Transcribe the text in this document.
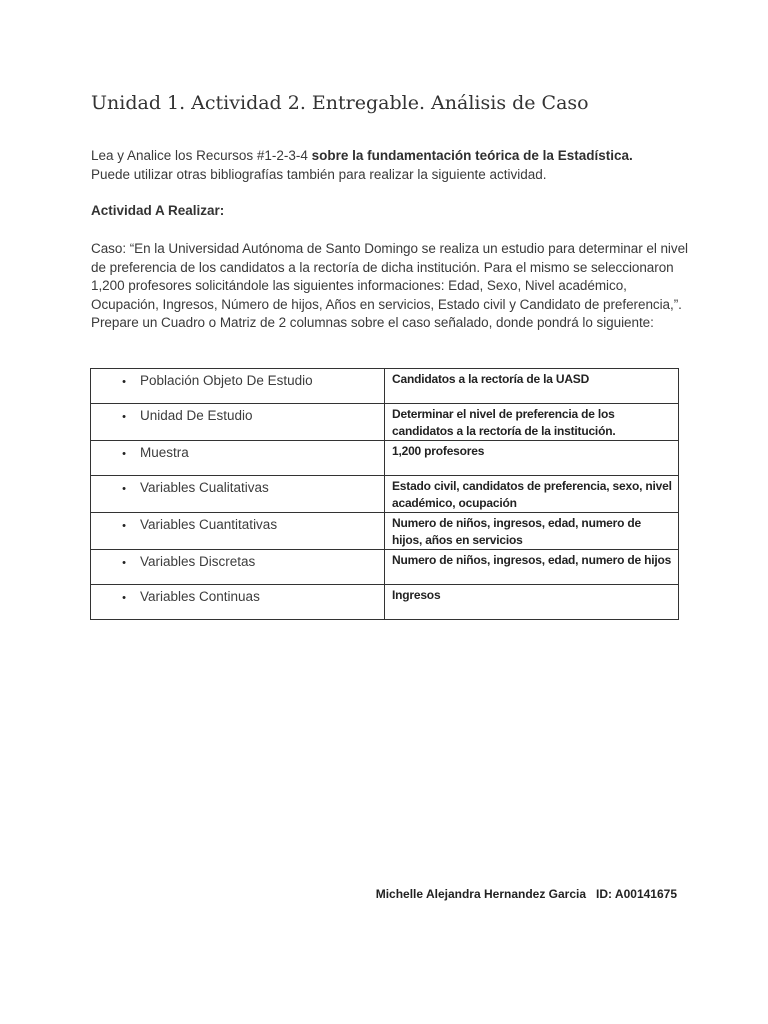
Unidad 1. Actividad 2. Entregable. Análisis de Caso

Lea y Analice los Recursos #1-2-3-4 sobre la fundamentación teórica de la Estadística.
Puede utilizar otras bibliografías también para realizar la siguiente actividad.

Actividad A Realizar:

Caso: “En la Universidad Autónoma de Santo Domingo se realiza un estudio para determinar el nivel de preferencia de los candidatos a la rectoría de dicha institución. Para el mismo se seleccionaron 1,200 profesores solicitándole las siguientes informaciones: Edad, Sexo, Nivel académico, Ocupación, Ingresos, Número de hijos, Años en servicios, Estado civil y Candidato de preferencia,”. Prepare un Cuadro o Matriz de 2 columnas sobre el caso señalado, donde pondrá lo siguiente:

• Población Objeto De Estudio	Candidatos a la rectoría de la UASD

• Unidad De Estudio	Determinar el nivel de preferencia de los candidatos a la rectoría de la institución.

• Muestra	1,200 profesores

• Variables Cualitativas	Estado civil, candidatos de preferencia, sexo, nivel académico, ocupación

• Variables Cuantitativas	Numero de niños, ingresos, edad, numero de hijos, años en servicios

• Variables Discretas	Numero de niños, ingresos, edad, numero de hijos

• Variables Continuas	Ingresos

Michelle Alejandra Hernandez Garcia ID: A00141675
